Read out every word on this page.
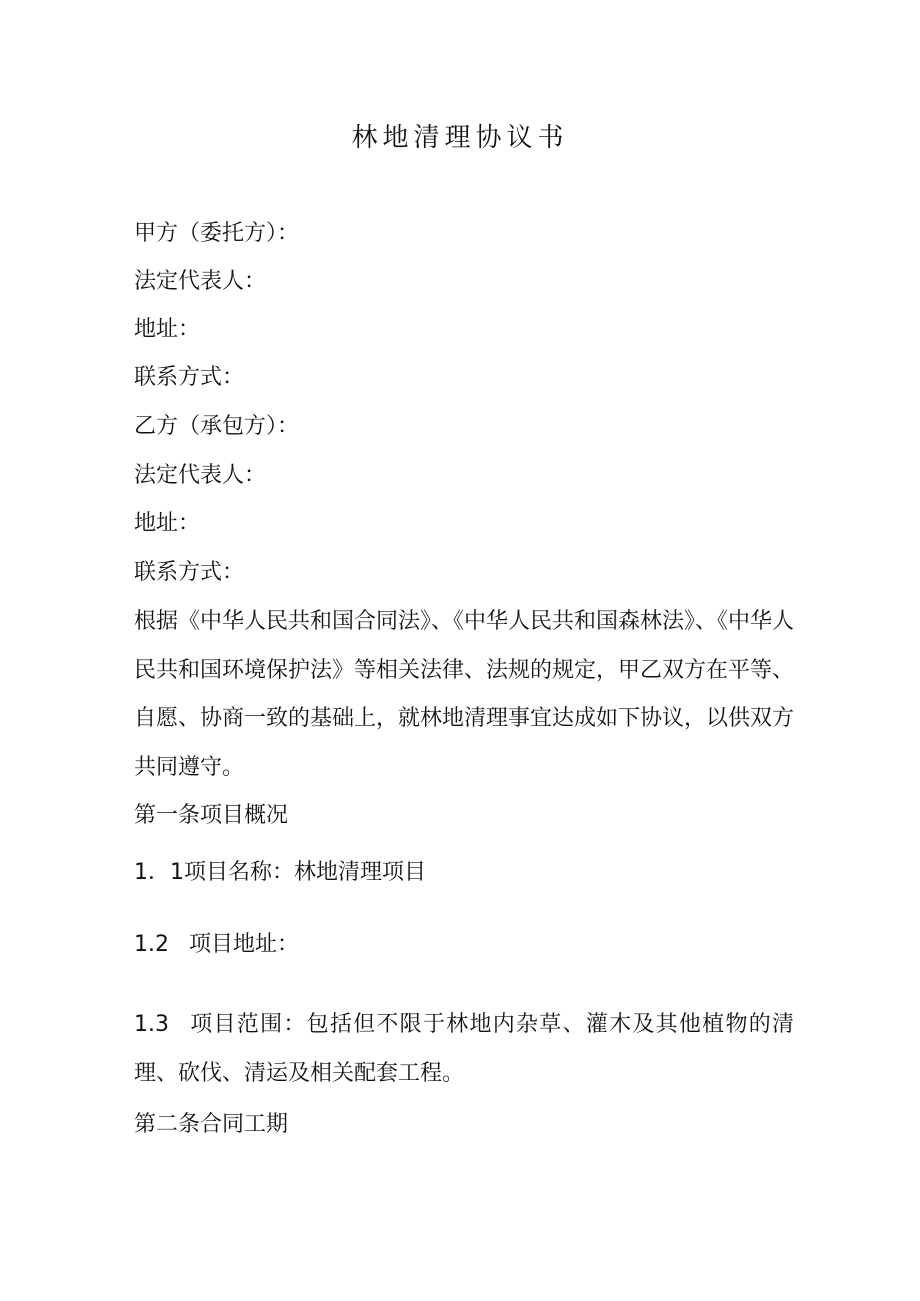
林地清理协议书
甲方（委托方）：
法定代表人：
地址：
联系方式：
乙方（承包方）：
法定代表人：
地址：
联系方式：
根据《中华人民共和国合同法》、《中华人民共和国森林法》、《中华人民共和国环境保护法》等相关法律、法规的规定，甲乙双方在平等、自愿、协商一致的基础上，就林地清理事宜达成如下协议，以供双方共同遵守。
第一条项目概况
1．1项目名称：林地清理项目
1.2 项目地址：
1.3 项目范围：包括但不限于林地内杂草、灌木及其他植物的清理、砍伐、清运及相关配套工程。
第二条合同工期
